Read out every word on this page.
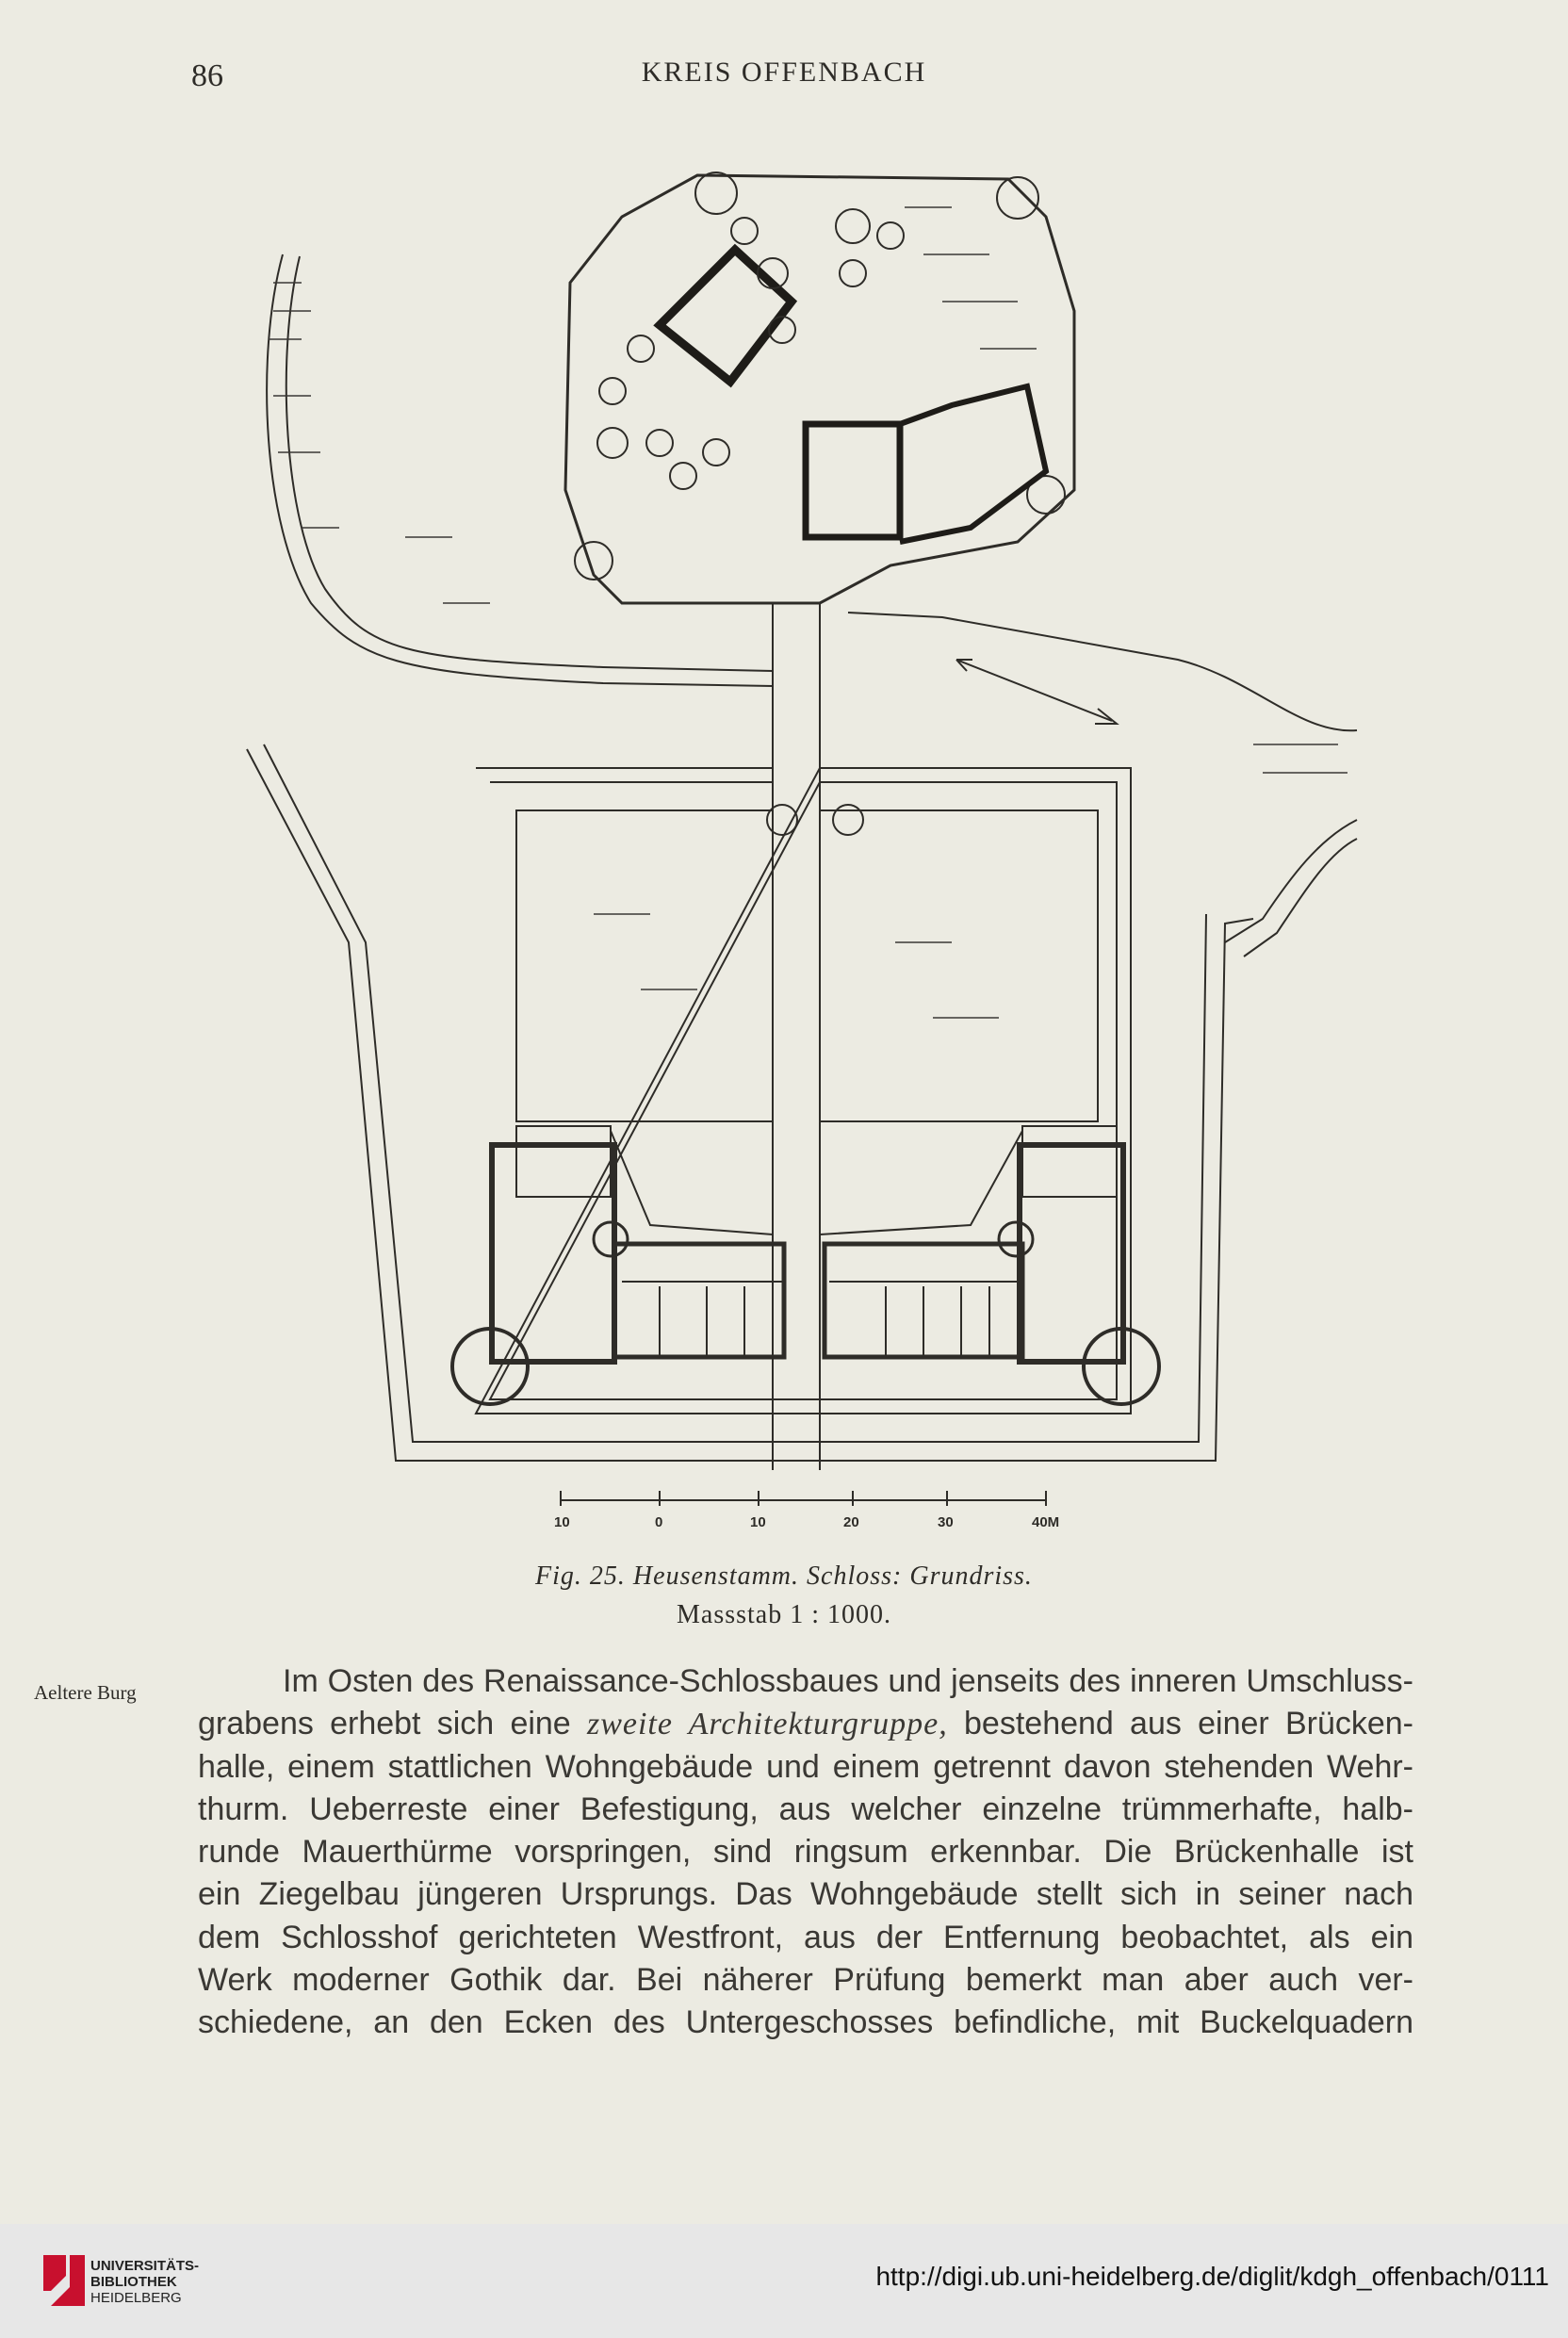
86	KREIS OFFENBACH
10	0	10	20	30	40M
Fig. 25. Heusenstamm. Schloss: Grundriss.
Massstab 1 : 1000.
Aeltere Burg	Im Osten des Renaissance-Schlossbaues und jenseits des inneren Umschluss-
grabens erhebt sich eine zweite Architekturgruppe, bestehend aus einer Brücken-
halle, einem stattlichen Wohngebäude und einem getrennt davon stehenden Wehr-
thurm. Ueberreste einer Befestigung, aus welcher einzelne trümmerhafte, halb-
runde Mauerthürme vorspringen, sind ringsum erkennbar. Die Brückenhalle ist
ein Ziegelbau jüngeren Ursprungs. Das Wohngebäude stellt sich in seiner nach
dem Schlosshof gerichteten Westfront, aus der Entfernung beobachtet, als ein
Werk moderner Gothik dar. Bei näherer Prüfung bemerkt man aber auch ver-
schiedene, an den Ecken des Untergeschosses befindliche, mit Buckelquadern
UNIVERSITÄTS-
BIBLIOTHEK
HEIDELBERG
http://digi.ub.uni-heidelberg.de/diglit/kdgh_offenbach/0111
